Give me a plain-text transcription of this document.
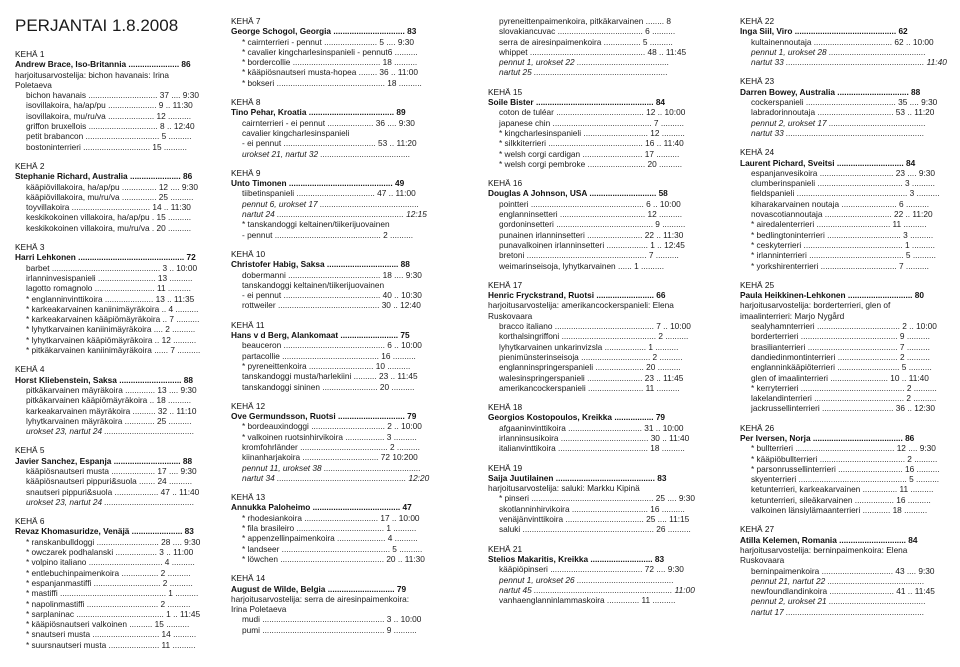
PERJANTAI 1.8.2008
KEHÄ 1
Andrew Brace, Iso-Britannia ...................... 86
harjoitusarvostelija: bichon havanais: Irina
Poletaeva
bichon havanais .............................. 37 .... 9:30
isovillakoira, ha/ap/pu ..................... 9 .. 11:30
isovillakoira, mu/ru/va .................... 12 ..........
griffon bruxellois .............................. 8 .. 12:40
petit brabancon ................................ 5 ..........
bostoninterrieri ............................. 15 ..........
KEHÄ 2
Stephanie Richard, Australia ...................... 86
kääpiövillakoira, ha/ap/pu ............... 12 .... 9:30
kääpiövillakoira, mu/ru/va ............... 25 ..........
toyvillakoira .................................. 14 .. 11:30
keskikokoinen villakoira, ha/ap/pu . 15 ..........
keskikokoinen villakoira, mu/ru/va . 20 ..........
KEHÄ 3
Harri Lehkonen .............................................. 72
barbet ............................................... 3 .. 10:00
irlanninvesispanieli ......................... 13 ..........
lagotto romagnolo .......................... 11 ..........
* englanninvinttikoira ..................... 13 .. 11:35
* karkeakarvainen kaniinimäyräkoira .. 4 ..........
* karkeakarvainen kääpiömäyräkoira .. 7 ..........
* lyhytkarvainen kaniinimäyräkoira .... 2 ..........
* lyhytkarvainen kääpiömäyräkoira .. 12 ..........
* pitkäkarvainen kaniinimäyräkoira ...... 7 ..........
KEHÄ 4
Horst Kliebenstein, Saksa ........................... 88
pitkäkarvainen mäyräkoira ............. 13 .... 9:30
pitkäkarvainen kääpiömäyräkoira .. 18 ..........
karkeakarvainen mäyräkoira .......... 32 .. 11:10
lyhytkarvainen mäyräkoira ............. 25 ..........
urokset 23, nartut 24 .......................................
KEHÄ 5
Javier Sanchez, Espanja ............................. 88
kääpiösnautseri musta ................... 17 .... 9:30
kääpiösnautseri pippuri&suola ....... 24 ..........
snautseri pippuri&suola ................... 47 .. 11:40
urokset 23, nartut 24 .......................................
KEHÄ 6
Revaz Khomasuridze, Venäjä ...................... 83
* ranskanbulldoggi ........................... 28 .... 9:30
* owczarek podhalanski .................. 3 .. 11:00
* volpino italiano ................................ 4 ..........
* entlebuchinpaimenkoira ................ 2 ..........
* espanjanmastiffi ............................. 2 ..........
* mastiffi .............................................. 1 ..........
* napolinmastiffi ............................... 2 ..........
* sarplaninac ...................................... 1 .. 11:45
* kääpiösnautseri valkoinen .......... 15 ..........
* snautseri musta ............................. 14 ..........
* suursnautseri musta ...................... 11 ..........
KEHÄ 7
George Schogol, Georgia ............................... 83
* cairnterrieri - pennut ....................... 5 .... 9:30
* cavalier kingcharlesinspanieli - pennut6 ..........
* bordercollie ...................................... 18 ..........
* kääpiösnautseri musta-hopea ........ 36 .. 11:00
* bokseri ............................................... 18 ..........
KEHÄ 8
Tino Pehar, Kroatia ..................................... 89
cairnterrieri - ei pennut .................... 36 .... 9:30
cavalier kingcharlesinspanieli
- ei pennut ........................................ 53 .. 11:20
urokset 21, nartut 32 .......................................
KEHÄ 9
Unto Timonen ............................................. 49
tiibetinspanieli .................................. 47 .. 11:00
pennut 6, urokset 17 ...........................................
nartut 24 ....................................................... 12:15
* tanskandoggi keltainen/tiikerijuovainen
- pennut .............................................. 2 ..........
KEHÄ 10
Christofer Habig, Saksa ............................... 88
dobermanni ........................................ 18 .... 9:30
tanskandoggi keltainen/tiikerijuovainen
- ei pennut .......................................... 40 .. 10:30
rottweiler ............................................ 30 .. 12:40
KEHÄ 11
Hans v d Berg, Alankomaat ......................... 75
beauceron ............................................ 6 .. 10:00
partacollie .......................................... 16 ..........
* pyreneittenkoira ............................ 10 ..........
tanskandoggi musta/harlekiini .......... 23 .. 11:45
tanskandoggi sininen ........................ 20 ..........
KEHÄ 12
Ove Germundsson, Ruotsi ............................. 79
* bordeauxindoggi ................................ 2 .. 10:00
* valkoinen ruotsinhirvikoira ................. 3 ..........
kromfohrländer ...................................... 2 ..........
kiinanharjakoira ................................. 72 10:200
pennut 11, urokset 38 ..........................................
nartut 34 ........................................................ 12:20
KEHÄ 13
Annukka Paloheimo ...................................... 47
* rhodesiankoira ................................ 17 .. 10:00
* fila brasileiro ...................................... 1 ..........
* appenzellinpaimenkoira ..................... 4 ..........
* landseer ............................................... 5 ..........
* löwchen ............................................. 20 .. 11:30
KEHÄ 14
August de Wilde, Belgia ............................. 79
harjoitusarvostelija: serra de airesinpaimenkoira:
Irina Poletaeva
mudi ..................................................... 3 .. 10:00
pumi ..................................................... 9 ..........
pyreneittenpaimenkoira, pitkäkarvainen ........ 8
slovakiancuvac ..................................... 6 ..........
serra de airesinpaimenkoira ................ 5 ..........
whippet .................................................. 48 .. 11:45
pennut 1, urokset 22 ........................................
nartut 25 ..........................................................
KEHÄ 15
Soile Bister ................................................... 84
coton de tuléar ...................................... 12 .. 10:00
japanese chin ........................................... 7 ..........
* kingcharlesinspanieli ............................ 12 ..........
* silkkiterrieri ......................................... 16 .. 11:40
* welsh corgi cardigan .......................... 17 ..........
* welsh corgi pembroke ......................... 20 ..........
KEHÄ 16
Douglas A Johnson, USA ............................. 58
pointteri ................................................. 6 .. 10:00
englanninsetteri ..................................... 12 ..........
gordoninsetteri .......................................... 9 ..........
punainen irlanninsetteri ........................ 22 .. 11:30
punavalkoinen irlanninsetteri .................. 1 .. 12:45
bretoni .................................................... 7 ..........
weimarinseisoja, lyhytkarvainen ...... 1 ..........
KEHÄ 17
Henric Fryckstrand, Ruotsi ......................... 66
harjoitusarvostelija: amerikancockerspanieli: Elena
Ruskovaara
bracco italiano ........................................... 7 .. 10:00
korthalsingriffoni ......................................... 2 ..........
lyhytkarvainen unkarinvizsla .................. 1 ..........
pienimünsterinseisoja .............................. 2 ..........
englanninspringerspanieli ..................... 20 ..........
walesinspringerspanieli ........................ 23 .. 11:45
amerikancockerspanieli ........................ 11 ..........
KEHÄ 18
Georgios Kostopoulos, Kreikka ................. 79
afgaaninvinttikoira ................................ 31 .. 10:00
irlanninsusikoira ...................................... 30 .. 11:40
italianvinttikoira ....................................... 18 ..........
KEHÄ 19
Saija Juutilainen ........................................... 83
harjoitusarvostelija: saluki: Markku Kipinä
* pinseri ..................................................... 25 .... 9:30
skotlanninhirvikoira ................................. 16 ..........
venäjänvinttikoira .................................. 25 .... 11:15
saluki ......................................................... 26 ..........
KEHÄ 21
Stelios Makaritis, Kreikka ........................... 83
kääpiöpinseri ........................................ 72 .... 9:30
pennut 1, urokset 26 ..........................................
nartut 45 ............................................................ 11:00
vanhaenglanninlammaskoira .............. 11 ..........
KEHÄ 22
Inga Siil, Viro ............................................ 62
kultainennoutaja .................................. 62 .. 10:00
pennut 1, urokset 28 ..........................................
nartut 33 ............................................................ 11:40
KEHÄ 23
Darren Bowey, Australia ............................... 88
cockerspanieli ....................................... 35 .... 9:30
labradorinnoutaja ................................. 53 .. 11:20
pennut 2, urokset 17 ..........................................
nartut 33 ............................................................
KEHÄ 24
Laurent Pichard, Sveitsi ............................. 84
espanjanvesikoira ................................ 23 .... 9:30
clumberinspanieli ..................................... 3 ..........
fieldspanieli ................................................ 3 ..........
kiharakarvainen noutaja ........................ 6 ..........
novascotiannoutaja ............................. 22 .. 11:20
* airedalenterrieri ................................ 11 ..........
* bedlingtoninterrieri ................................ 3 ..........
* ceskyterrieri ........................................... 1 ..........
* irlanninterrieri ......................................... 5 ..........
* yorkshirenterrieri ................................. 7 ..........
KEHÄ 25
Paula Heikkinen-Lehkonen ............................ 80
harjoitusarvostelija: borderterrieri, glen of
imaalinterrieri: Marjo Nygård
sealyhamnterrieri .................................... 2 .. 10:00
borderterrieri .......................................... 9 ..........
brasilianterrieri ....................................... 7 ..........
dandiedinmontinterrieri .......................... 2 ..........
englanninkääpiöterrieri ........................... 5 ..........
glen of imaalinterrieri ......................... 10 .. 11:40
* kerryterrieri ............................................. 2 ..........
lakelandinterrieri ....................................... 2 ..........
jackrussellinterrieri ............................... 36 .. 12:30
KEHÄ 26
Per Iversen, Norja ....................................... 86
* bullterrieri ........................................... 12 .... 9:30
* kääpiöbullterrieri ..................................... 2 ..........
* parsonrussellinterrieri ............................ 16 ..........
skyenterrieri ............................................... 5 ..........
ketunterrieri, karkeakarvainen ............... 11 ..........
ketunterrieri, sileäkarvainen ................. 16 ..........
valkoinen länsiylämaanterrieri ............ 18 ..........
KEHÄ 27
Atilla Kelemen, Romania ............................. 84
harjoitusarvostelija: berninpaimenkoira: Elena
Ruskovaara
berninpaimenkoira ............................... 43 .... 9:30
pennut 21, nartut 22 ..........................................
newfoundlandinkoira ............................ 41 .. 11:45
pennut 2, urokset 21 ..........................................
nartut 17 ............................................................
